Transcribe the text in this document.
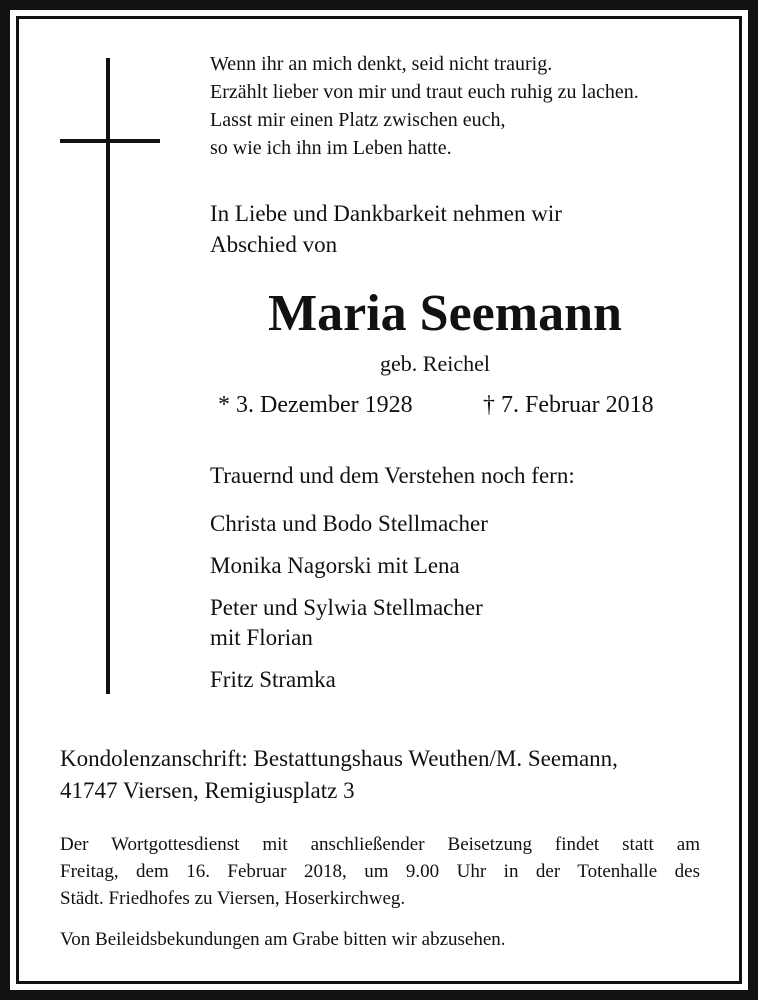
Wenn ihr an mich denkt, seid nicht traurig.
Erzählt lieber von mir und traut euch ruhig zu lachen.
Lasst mir einen Platz zwischen euch,
so wie ich ihn im Leben hatte.
In Liebe und Dankbarkeit nehmen wir
Abschied von
Maria Seemann
geb. Reichel
* 3. Dezember 1928	† 7. Februar 2018
Trauernd und dem Verstehen noch fern:
Christa und Bodo Stellmacher
Monika Nagorski mit Lena
Peter und Sylwia Stellmacher
mit Florian
Fritz Stramka
Kondolenzanschrift: Bestattungshaus Weuthen/M. Seemann,
41747 Viersen, Remigiusplatz 3
Der Wortgottesdienst mit anschließender Beisetzung findet statt am
Freitag, dem 16. Februar 2018, um 9.00 Uhr in der Totenhalle des
Städt. Friedhofes zu Viersen, Hoserkirchweg.
Von Beileidsbekundungen am Grabe bitten wir abzusehen.
